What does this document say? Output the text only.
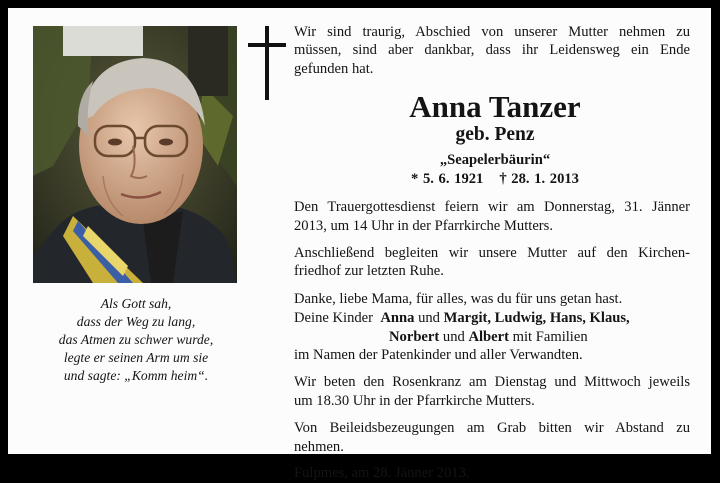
Als Gott sah,
dass der Weg zu lang,
das Atmen zu schwer wurde,
legte er seinen Arm um sie
und sagte: „Komm heim“.
Wir sind traurig, Abschied von unserer Mutter nehmen zu
müssen, sind aber dankbar, dass ihr Leidensweg ein Ende
gefunden hat.
Anna Tanzer
geb. Penz
„Seapelerbäurin“
* 5. 6. 1921 † 28. 1. 2013
Den Trauergottesdienst feiern wir am Donnerstag, 31. Jänner
2013, um 14 Uhr in der Pfarrkirche Mutters.
Anschließend begleiten wir unsere Mutter auf den Kirchen-
friedhof zur letzten Ruhe.
Danke, liebe Mama, für alles, was du für uns getan hast.
Deine Kinder Anna und Margit, Ludwig, Hans, Klaus,
Norbert und Albert mit Familien
im Namen der Patenkinder und aller Verwandten.
Wir beten den Rosenkranz am Dienstag und Mittwoch jeweils
um 18.30 Uhr in der Pfarrkirche Mutters.
Von Beileidsbezeugungen am Grab bitten wir Abstand zu
nehmen.
Fulpmes, am 28. Jänner 2013.
